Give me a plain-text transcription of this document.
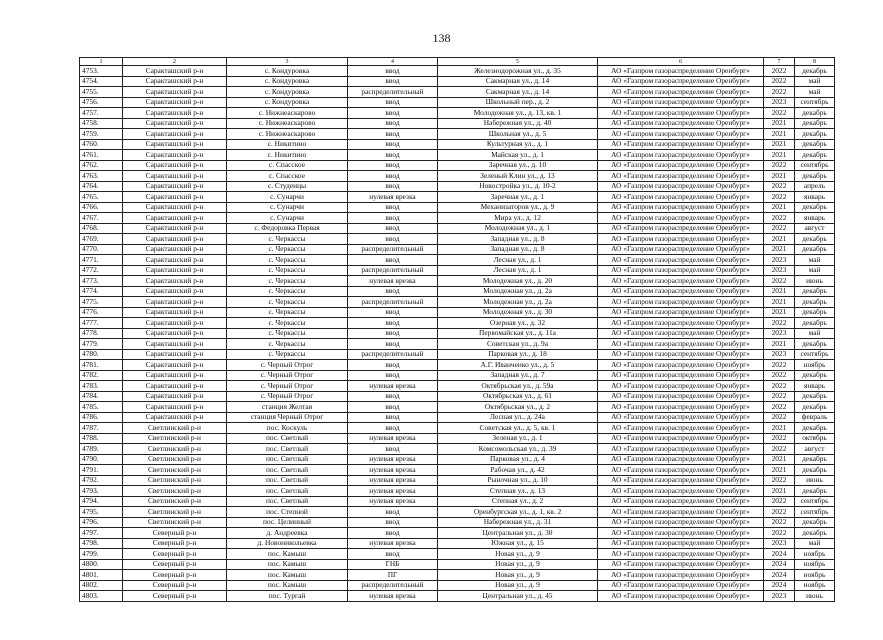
138
1	2	3	4	5	6	7	8
4753.	Саракташский р-н	с. Кондуровка	ввод	Железнодорожная ул., д. 35	АО «Газпром газораспределение Оренбург»	2022	декабрь
4754.	Саракташский р-н	с. Кондуровка	ввод	Сакмарная ул., д. 14	АО «Газпром газораспределение Оренбург»	2022	май
4755.	Саракташский р-н	с. Кондуровка	распределительный	Сакмарная ул., д. 14	АО «Газпром газораспределение Оренбург»	2022	май
4756.	Саракташский р-н	с. Кондуровка	ввод	Школьный пер., д. 2	АО «Газпром газораспределение Оренбург»	2023	сентябрь
4757.	Саракташский р-н	с. Нижнеаскарово	ввод	Молодежная ул., д. 13, кв. 1	АО «Газпром газораспределение Оренбург»	2022	декабрь
4758.	Саракташский р-н	с. Нижнеаскарово	ввод	Набережная ул., д. 40	АО «Газпром газораспределение Оренбург»	2021	декабрь
4759.	Саракташский р-н	с. Нижнеаскарово	ввод	Школьная ул., д. 5	АО «Газпром газораспределение Оренбург»	2021	декабрь
4760.	Саракташский р-н	с. Никитино	ввод	Культурная ул., д. 1	АО «Газпром газораспределение Оренбург»	2021	декабрь
4761.	Саракташский р-н	с. Никитино	ввод	Майская ул., д. 1	АО «Газпром газораспределение Оренбург»	2021	декабрь
4762.	Саракташский р-н	с. Спасское	ввод	Заречная ул., д. 10	АО «Газпром газораспределение Оренбург»	2022	сентябрь
4763.	Саракташский р-н	с. Спасское	ввод	Зеленый Клин ул., д. 13	АО «Газпром газораспределение Оренбург»	2021	декабрь
4764.	Саракташский р-н	с. Студенцы	ввод	Новостройка ул., д. 10-2	АО «Газпром газораспределение Оренбург»	2022	апрель
4765.	Саракташский р-н	с. Сунарчи	нулевая врезка	Заречная ул., д. 1	АО «Газпром газораспределение Оренбург»	2022	январь
4766.	Саракташский р-н	с. Сунарчи	ввод	Механизаторов ул., д. 9	АО «Газпром газораспределение Оренбург»	2021	декабрь
4767.	Саракташский р-н	с. Сунарчи	ввод	Мира ул., д. 12	АО «Газпром газораспределение Оренбург»	2022	январь
4768.	Саракташский р-н	с. Федоровка Первая	ввод	Молодежная ул., д. 1	АО «Газпром газораспределение Оренбург»	2022	август
4769.	Саракташский р-н	с. Черкассы	ввод	Западная ул., д. 8	АО «Газпром газораспределение Оренбург»	2021	декабрь
4770.	Саракташский р-н	с. Черкассы	распределительный	Западная ул., д. 8	АО «Газпром газораспределение Оренбург»	2021	декабрь
4771.	Саракташский р-н	с. Черкассы	ввод	Лесная ул., д. 1	АО «Газпром газораспределение Оренбург»	2023	май
4772.	Саракташский р-н	с. Черкассы	распределительный	Лесная ул., д. 1	АО «Газпром газораспределение Оренбург»	2023	май
4773.	Саракташский р-н	с. Черкассы	нулевая врезка	Молодежная ул., д. 20	АО «Газпром газораспределение Оренбург»	2022	июнь
4774.	Саракташский р-н	с. Черкассы	ввод	Молодежная ул., д. 2а	АО «Газпром газораспределение Оренбург»	2021	декабрь
4775.	Саракташский р-н	с. Черкассы	распределительный	Молодежная ул., д. 2а	АО «Газпром газораспределение Оренбург»	2021	декабрь
4776.	Саракташский р-н	с. Черкассы	ввод	Молодежная ул., д. 30	АО «Газпром газораспределение Оренбург»	2021	декабрь
4777.	Саракташский р-н	с. Черкассы	ввод	Озерная ул., д. 32	АО «Газпром газораспределение Оренбург»	2022	декабрь
4778.	Саракташский р-н	с. Черкассы	ввод	Первомайская ул., д. 11а	АО «Газпром газораспределение Оренбург»	2023	май
4779.	Саракташский р-н	с. Черкассы	ввод	Советская ул., д. 9а	АО «Газпром газораспределение Оренбург»	2021	декабрь
4780.	Саракташский р-н	с. Черкассы	распределительный	Парковая ул., д. 18	АО «Газпром газораспределение Оренбург»	2023	сентябрь
4781.	Саракташский р-н	с. Черный Отрог	ввод	А.Г. Иванченко ул., д. 5	АО «Газпром газораспределение Оренбург»	2022	ноябрь
4782.	Саракташский р-н	с. Черный Отрог	ввод	Западная ул., д. 7	АО «Газпром газораспределение Оренбург»	2022	декабрь
4783.	Саракташский р-н	с. Черный Отрог	нулевая врезка	Октябрьская ул., д. 59а	АО «Газпром газораспределение Оренбург»	2022	январь
4784.	Саракташский р-н	с. Черный Отрог	ввод	Октябрьская ул., д. 61	АО «Газпром газораспределение Оренбург»	2022	декабрь
4785.	Саракташский р-н	станция Желтая	ввод	Октябрьская ул., д. 2	АО «Газпром газораспределение Оренбург»	2022	декабрь
4786.	Саракташский р-н	станция Черный Отрог	ввод	Лесная ул., д. 24а	АО «Газпром газораспределение Оренбург»	2022	февраль
4787.	Светлинский р-н	пос. Коскуль	ввод	Советская ул., д. 5, кв. 1	АО «Газпром газораспределение Оренбург»	2021	декабрь
4788.	Светлинский р-н	пос. Светлый	нулевая врезка	Зеленая ул., д. 1	АО «Газпром газораспределение Оренбург»	2022	октябрь
4789.	Светлинский р-н	пос. Светлый	ввод	Комсомольская ул., д. 39	АО «Газпром газораспределение Оренбург»	2022	август
4790.	Светлинский р-н	пос. Светлый	нулевая врезка	Парковая ул., д. 4	АО «Газпром газораспределение Оренбург»	2021	декабрь
4791.	Светлинский р-н	пос. Светлый	нулевая врезка	Рабочая ул., д. 42	АО «Газпром газораспределение Оренбург»	2021	декабрь
4792.	Светлинский р-н	пос. Светлый	нулевая врезка	Рыночная ул., д. 10	АО «Газпром газораспределение Оренбург»	2022	июнь
4793.	Светлинский р-н	пос. Светлый	нулевая врезка	Степная ул., д. 13	АО «Газпром газораспределение Оренбург»	2021	декабрь
4794.	Светлинский р-н	пос. Светлый	нулевая врезка	Степная ул., д. 2	АО «Газпром газораспределение Оренбург»	2022	сентябрь
4795.	Светлинский р-н	пос. Степной	ввод	Оренбургская ул., д. 1, кв. 2	АО «Газпром газораспределение Оренбург»	2022	сентябрь
4796.	Светлинский р-н	пос. Целинный	ввод	Набережная ул., д. 31	АО «Газпром газораспределение Оренбург»	2022	декабрь
4797.	Северный р-н	д. Андреевка	ввод	Центральная ул., д. 30	АО «Газпром газораспределение Оренбург»	2022	декабрь
4798.	Северный р-н	д. Новоникольевка	нулевая врезка	Южная ул., д. 15	АО «Газпром газораспределение Оренбург»	2023	май
4799.	Северный р-н	пос. Камыш	ввод	Новая ул., д. 9	АО «Газпром газораспределение Оренбург»	2024	ноябрь
4800.	Северный р-н	пос. Камыш	ГНБ	Новая ул., д. 9	АО «Газпром газораспределение Оренбург»	2024	ноябрь
4801.	Северный р-н	пос. Камыш	ПГ	Новая ул., д. 9	АО «Газпром газораспределение Оренбург»	2024	ноябрь
4802.	Северный р-н	пос. Камыш	распределительный	Новая ул., д. 9	АО «Газпром газораспределение Оренбург»	2024	ноябрь
4803.	Северный р-н	пос. Тургай	нулевая врезка	Центральная ул., д. 45	АО «Газпром газораспределение Оренбург»	2023	июнь
